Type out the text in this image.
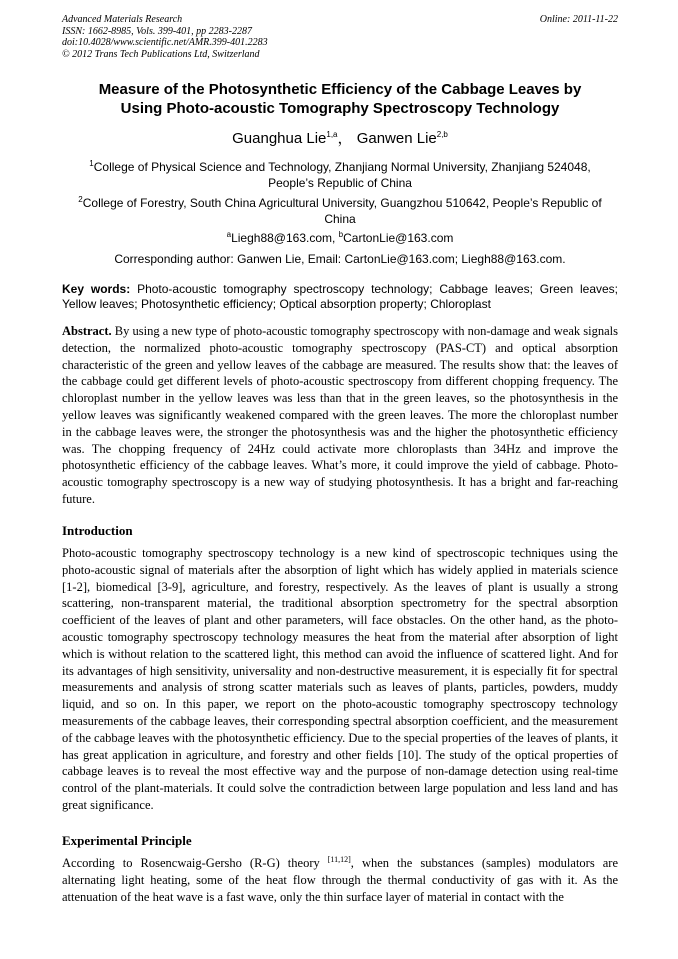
Advanced Materials Research
ISSN: 1662-8985, Vols. 399-401, pp 2283-2287
doi:10.4028/www.scientific.net/AMR.399-401.2283
© 2012 Trans Tech Publications Ltd, Switzerland
Online: 2011-11-22
Measure of the Photosynthetic Efficiency of the Cabbage Leaves by
Using Photo-acoustic Tomography Spectroscopy Technology
Guanghua Lie$^{1,a}$， Ganwen Lie$^{2,b}$
$^1$College of Physical Science and Technology, Zhanjiang Normal University, Zhanjiang 524048,
People’s Republic of China
$^2$College of Forestry, South China Agricultural University, Guangzhou 510642, People’s Republic of
China
$^a$Liegh88@163.com, $^b$CartonLie@163.com
Corresponding author: Ganwen Lie, Email: CartonLie@163.com; Liegh88@163.com.
Key words: Photo-acoustic tomography spectroscopy technology; Cabbage leaves; Green leaves; Yellow leaves; Photosynthetic efficiency; Optical absorption property; Chloroplast
Abstract. By using a new type of photo-acoustic tomography spectroscopy with non-damage and weak signals detection, the normalized photo-acoustic tomography spectroscopy (PAS-CT) and optical absorption characteristic of the green and yellow leaves of the cabbage are measured. The results show that: the leaves of the cabbage could get different levels of photo-acoustic spectroscopy from different chopping frequency. The chloroplast number in the yellow leaves was less than that in the green leaves, so the photosynthesis in the yellow leaves was significantly weakened compared with the green leaves. The more the chloroplast number in the cabbage leaves were, the stronger the photosynthesis was and the higher the photosynthetic efficiency was. The chopping frequency of 24Hz could activate more chloroplasts than 34Hz and improve the photosynthetic efficiency of the cabbage leaves. What’s more, it could improve the yield of cabbage. Photo-acoustic tomography spectroscopy is a new way of studying photosynthesis. It has a bright and far-reaching future.
Introduction
Photo-acoustic tomography spectroscopy technology is a new kind of spectroscopic techniques using the photo-acoustic signal of materials after the absorption of light which has widely applied in materials science [1-2], biomedical [3-9], agriculture, and forestry, respectively. As the leaves of plant is usually a strong scattering, non-transparent material, the traditional absorption spectrometry for the spectral absorption coefficient of the leaves of plant and other parameters, will face obstacles. On the other hand, as the photo-acoustic tomography spectroscopy technology measures the heat from the material after absorption of light which is without relation to the scattered light, this method can avoid the influence of scattered light. And for its advantages of high sensitivity, universality and non-destructive measurement, it is especially fit for spectral measurements and analysis of strong scatter materials such as leaves of plants, particles, powders, muddy liquid, and so on. In this paper, we report on the photo-acoustic tomography spectroscopy technology measurements of the cabbage leaves, their corresponding spectral absorption coefficient, and the measurement of the cabbage leaves with the photosynthetic efficiency. Due to the special properties of the leaves of plants, it has great application in agriculture, and forestry and other fields [10]. The study of the optical properties of cabbage leaves is to reveal the most effective way and the purpose of non-damage detection using real-time control of the plant-materials. It could solve the contradiction between large population and less land and has great significance.
Experimental Principle
According to Rosencwaig-Gersho (R-G) theory [11,12], when the substances (samples) modulators are alternating light heating, some of the heat flow through the thermal conductivity of gas with it. As the attenuation of the heat wave is a fast wave, only the thin surface layer of material in contact with the
